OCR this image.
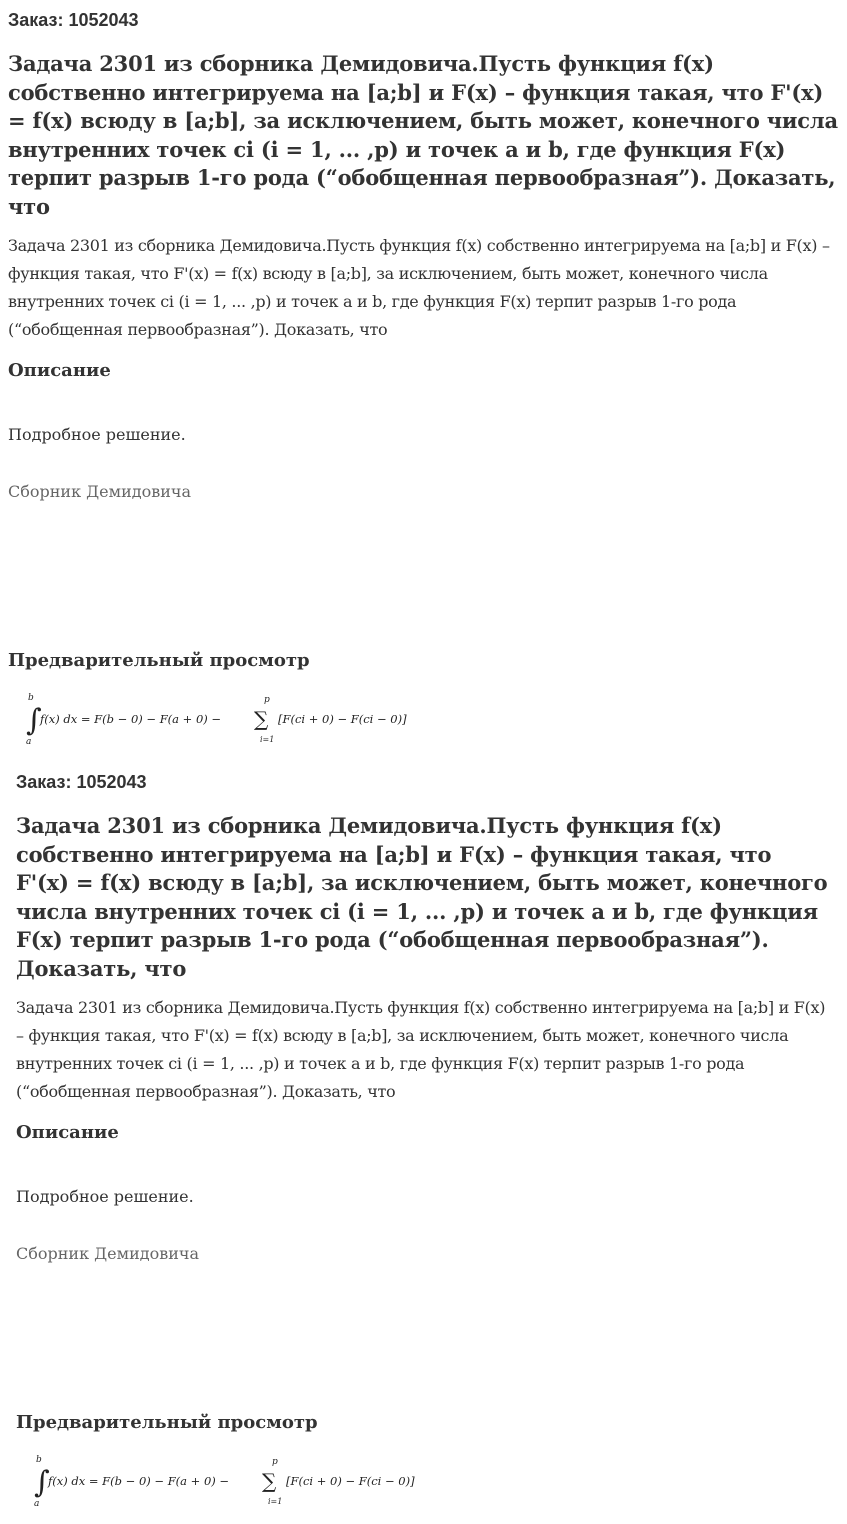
Заказ: 1052043
Задача 2301 из сборника Демидовича.Пусть функция f(x) собственно интегрируема на [a;b] и F(x) – функция такая, что F'(x) = f(x) всюду в [a;b], за исключением, быть может, конечного числа внутренних точек ci (i = 1, ... ,p) и точек a и b, где функция F(x) терпит разрыв 1-го рода (“обобщенная первообразная”). Доказать, что
Задача 2301 из сборника Демидовича.Пусть функция f(x) собственно интегрируема на [a;b] и F(x) – функция такая, что F'(x) = f(x) всюду в [a;b], за исключением, быть может, конечного числа внутренних точек ci (i = 1, ... ,p) и точек a и b, где функция F(x) терпит разрыв 1-го рода (“обобщенная первообразная”). Доказать, что
Описание
Подробное решение.
Сборник Демидовича
Предварительный просмотр
∫
b
a
f(x) dx = F(b − 0) − F(a + 0) − ∑
p
i=1
[F(ci + 0) − F(ci − 0)]
Заказ: 1052043
Задача 2301 из сборника Демидовича.Пусть функция f(x) собственно интегрируема на [a;b] и F(x) – функция такая, что F'(x) = f(x) всюду в [a;b], за исключением, быть может, конечного числа внутренних точек ci (i = 1, ... ,p) и точек a и b, где функция F(x) терпит разрыв 1-го рода (“обобщенная первообразная”). Доказать, что
Задача 2301 из сборника Демидовича.Пусть функция f(x) собственно интегрируема на [a;b] и F(x) – функция такая, что F'(x) = f(x) всюду в [a;b], за исключением, быть может, конечного числа внутренних точек ci (i = 1, ... ,p) и точек a и b, где функция F(x) терпит разрыв 1-го рода (“обобщенная первообразная”). Доказать, что
Описание
Подробное решение.
Сборник Демидовича
Предварительный просмотр
∫
b
a
f(x) dx = F(b − 0) − F(a + 0) − ∑
p
i=1
[F(ci + 0) − F(ci − 0)]
